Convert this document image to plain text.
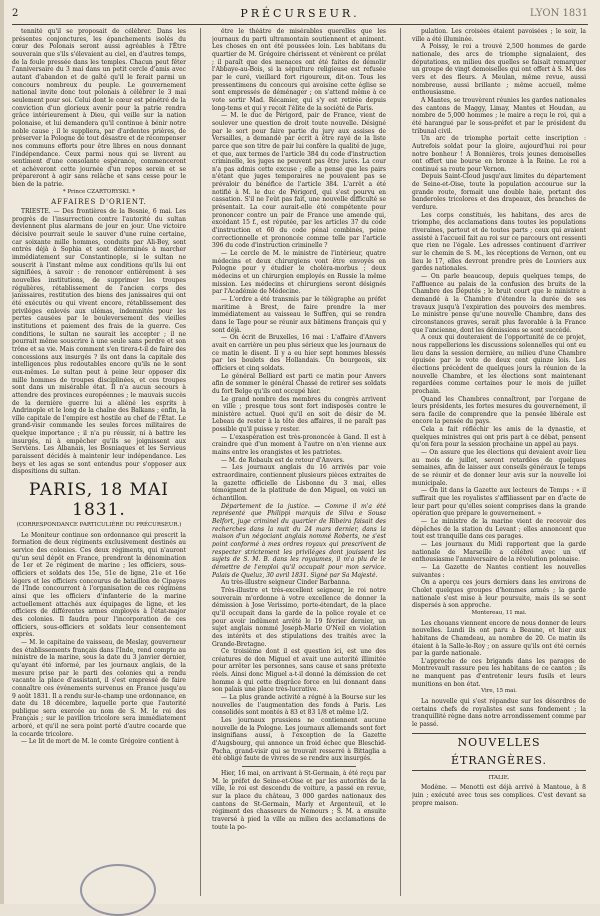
2	PRÉCURSEUR.	LYON 1831

tennité qu'il se proposait de célébrer. Dans les présentes conjonctures, les épanchements isolés du cœur des Polonais seront aussi agréables à l'Être souverain que s'ils s'élevaient au ciel, en d'autres temps, de la foule pressée dans les temples. Chacun peut fêter l'anniversaire du 3 mai dans un petit cercle d'amis avec autant d'abandon et de gaîté qu'il le ferait parmi un concours nombreux du peuple. Le gouvernement national invite donc tout polonais à célébrer le 3 mai seulement pour soi. Celui dont le cœur est pénétré de la conviction d'un glorieux avenir pour la patrie rendra grâce intérieurement à Dieu, qui veille sur la nation polonaise, et lui demandera qu'il continue à bénir notre noble cause ; il le suppliera, par d'ardentes prières, de préserver la Pologne de tout désastre et de récompenser nos communs efforts pour être libres en nous donnant l'indépendance. Ceux parmi nous qui se livrent au sentiment d'une consolante espérance, commenceront et achèveront cette journée d'un repos serein et se prépareront à agir sans relâche et sans cesse pour le bien de la patrie.

* Prince CZARTORYSKI. *
AFFAIRES D'ORIENT.

TRIESTE. — Des frontières de la Bosnie, 6 mai. Les progrès de l'insurrection contre l'autorité du sultan deviennent plus alarmans de jour en jour. Une victoire décisive pourrait seule le sauver d'une ruine certaine, car soixante mille hommes, conduits par Ali-Bey, sont entrés déjà à Sophia et sont déterminés à marcher immédiatement sur Constantinople, si le sultan ne souscrit à l'instant même aux conditions qu'ils lui ont signifiées, à savoir : de renoncer entièrement à ses nouvelles institutions, de supprimer les troupes régulières, rétablissement de l'ancien corps des janissaires, restitution des biens des janissaires qui ont été exécutés ou qui vivent encore, rétablissement des priviléges enlevés aux ulémas, indemnités pour les pertes causées par le bouleversement des vieilles institutions et paiement des frais de la guerre. Ces conditions, le sultan ne saurait les accepter ; il ne pourrait même souscrire à une seule sans perdre et son trône et sa vie. Mais comment s'en tirera-t-il de faire des concessions aux insurgés ? ils ont dans la capitale des intelligences plus redoutables encore qu'ils ne le sont eux-mêmes. Le sultan peut à peine leur opposer dix mille hommes de troupes disciplinées, et ces troupes sont dans un misérable état. Il n'a aucun secours à attendre des provinces européennes ; le mauvais succès de la dernière guerre lui a aliéné les esprits à Andrinople et le long de la chaîne des Balkans ; enfin, la ville capitale de l'empire est hostile au chef de l'État. Le grand-visir commande les seules forces militaires de quelque importance ; il n'a pu réussir, ni à battre les insurgés, ni à empêcher qu'ils se joignissent aux Serviens. Les Albanais, les Bosniaques et les Servieus paraissent décidés à maintenir leur indépendance. Les beys et les agas se sont entendus pour s'opposer aux dispositions du sultan.

PARIS, 18 MAI 1831.
(CORRESPONDANCE PARTICULIÈRE DU PRÉCURSEUR.)

Le Moniteur continue son ordonnance qui prescrit la formation de deux régiments exclusivement destinés au service des colonies. Ces deux régiments, qui n'auront qu'un seul dépôt en France, prendront la dénomination de 1er et 2e régiment de marine ; les officiers, sous-officiers et soldats des 15e, 51e de ligne, 21e et 16e légers et les officiers concourus de bataillon de Cipayes de l'Inde concourront à l'organisation de ces régimens ainsi que les officiers d'infanterie de la marine actuellement attachés aux équipages de ligne, et les officiers de différentes armes employés à l'état-major des colonies. Il faudra pour l'incorporation de ces officiers, sous-officiers et soldats leur consentement exprès.

— M. le capitaine de vaisseau, de Meslay, gouverneur des établissements français dans l'Inde, rend compte au ministre de la marine, sous la date du 3 janvier dernier, qu'ayant été informé, par les journaux anglais, de la mesure prise par le parti des colonies qui a rendu vacante la place d'assistant, il s'est empressé de faire connaître ces événements survenus en France jusqu'au 9 août 1831. Il a rendu sur-le-champ une ordonnance, en date du 18 décembre, laquelle porte que l'autorité publique sera exercée au nom de S. M. le roi des Français ; sur le pavillon tricolore sera immédiatement arboré, et qu'il ne sera point porté d'autre cocarde que la cocarde tricolore.

— Le lit de mort de M. le comte Grégoire contient à

être le théâtre de misérables querelles que les journaux du parti ultramontain soutiennent et animent. Les choses en ont été poussées loin. Les habitans du quartier de M. Grégoire chérissent et vénèrent ce prélat ; il paraît que des menaces ont été faites de démolir l'Abbaye-au-Bois, si la sépulture religieuse est refusée par le curé, vieillard fort rigoureux, dit-on. Tous les pressentimens du concours qui avoisine cette église se sont empressés de déménager ; on s'attend même à ce vote sortir Mad. Récamier, qui s'y est retirée depuis long-tems et qui y reçoit l'élite de la société de Paris.

— M. le duc de Périgord, pair de France, vient de soulever une question de droit toute nouvelle. Désigné par le sort pour faire partie du jury aux assises de Versailles, a demandé par écrit à être rayé de la liste parce que son titre de pair lui confère la qualité de juge, et que, aux termes de l'article 384 du code d'instruction criminelle, les juges ne peuvent pas être jurés. La cour n'a pas admis cette excuse ; elle a pensé que les pairs n'étant que juges temporaires ne pouvaient pas se prévaloir du bénéfice de l'article 384. L'arrêt a été notifié à M. le duc de Périgord, qui s'est pourvu en cassation. S'il ne l'eût pas fait, une nouvelle difficulté se présentait. La cour aurait-elle été compétente pour prononcer contre un pair de France une amende qui, excédant 15 f., est réputée, par les articles 37 du code d'instruction et 60 du code pénal combinés, peine correctionnelle et prononcée comme telle par l'article 396 du code d'instruction criminelle ?

— Le cercle de M. le ministre de l'intérieur, quatre médecins et deux chirurgiens vont être envoyés en Pologne pour y étudier le choléra-morbus ; deux médecins et un chirurgien employés en Russie la même mission. Les médecins et chirurgiens seront désignés par l'Académie de Médecine.

— L'ordre a été transmis par le télégraphe au préfet maritime à Brest, de faire prendre la mer immédiatement au vaisseau le Suffren, qui se rendra dans le Tage pour se réunir aux bâtimens français qui y sont déjà.

— On écrit de Bruxelles, 16 mai : L'affaire d'Anvers avait en carrière un peu plus sérieux que les journaux de ce matin le disent. Il y a eu hier sept hommes blessés par les boulets des Hollandais. Un bourgeois, six officiers et cinq soldats.

Le général Belliard est parti ce matin pour Anvers afin de sommer le général Chassé de retirer ses soldats du fort Belge qu'ils ont occupé hier.

Le grand nombre des membres du congrès arrivent en ville ; presque tous sont fort indisposés contre le ministère actuel. Quoi qu'il en soit de désir de M. Lebeau de rester à la tête des affaires, il ne paraît pas possible qu'il puisse y rester.

— L'exaspération est très-prononcée à Gand. Il est à craindre que d'un moment à l'autre on n'en vienne aux mains entre les orangistes et les patriotes.

— M. de Robaulx est de retour d'Anvers.

— Les journaux anglais du 16 arrivés par voie extraordinaire, contiennent plusieurs pièces extraites de la gazette officielle de Lisbonne du 3 mai, elles témoignent de la platitude de don Miguel, on voici un échantillon.

Département de la justice. — Comme il m'a été représenté que Philippi marquis de Silva e Sousa Belfort, juge criminel du quartier de Ribeira faisait des recherches dans la nuit du 24 mars dernier, dans la maison d'un négociant anglais nommé Roberts, ne s'est point conformé à mes ordres royaux qui prescrivent de respecter strictement les priviléges dont jouissent les sujets de S. M. B. dans les royaumes, il m'a plu de le démettre de l'emploi qu'il occupait pour mon service. Palais de Queluz, 30 avril 1831. Signé par Sa Majesté.

Au très-illustre seigneur Cinder Barbanna.

Très-illustre et très-excellent seigneur, le roi notre souverain m'ordonne à votre excellence de donner la démission à Jose Verissimo, porte-étendart, de la place qu'il occupait dans la garde de la police royale et ce pour avoir indûment arrêté le 19 février dernier, un sujet anglais nommé Joseph-Marie O'Neil en violation des intérêts et des stipulations des traités avec la Grande-Bretagne.

Ce troisième dont il est question ici, est une des créatures de don Miguel et avait une autorité illimitée pour arrêter les personnes, sans cause et sans prétexte réels. Ainsi donc Miguel a-t-il donné la démission de cet homme à qui cette disgrâce force en lui donnant dans son palais une place très-lucrative.

— La plus grande activité a régné à la Bourse sur les nouvelles de l'augmentation des fonds à Paris. Les consolidés sont montés à 83 et 83 1/8 et même 1/2.

Les journaux prussiens ne contiennent aucune nouvelle de la Pologne. Les journaux allemands sont fort insignifians aussi, à l'exception de la Gazette d'Augsbourg, qui annonce un froid échec que Bleschid-Pacha, grand-visir qui se trouvait resserré à Bittaglia a été obligé faute de vivres de se rendre aux insurgés.

Hier, 16 mai, on arrivant à St-Germain, à été reçu par M. le préfet de Seine-et-Oise et par les autorités de la ville, le roi est descendu de voiture, a passé en revue, sur la place du château, 3 000 gardes nationaux des cantons de St-Germain, Marly et Argenteuil, et le régiment des chasseurs de Nemours ; S. M. a ensuite traversé à pied la ville au milieu des acclamations de toute la po-

pulation. Les croisées étaient pavoisées ; le soir, la ville a été illuminée.

A Poissy, le roi a trouvé 2,500 hommes de garde nationale, des arcs de triomphe signalaient, des députations, en milieu des quelles se faisait remarquer un groupe de vingt demoiselles qui ont offert à S. M. des vers et des fleurs. A Meulan, même revue, aussi nombreuse, aussi brillante ; même accueil, même enthousiasme.

A Mantes, se trouvèrent réunies les gardes nationales des cantons de Maggy, Limay, Mantes et Houdan, au nombre de 5,000 hommes ; le maire a reçu le roi, qui a été harangué par le sous-préfet et par le président du tribunal civil.

Un arc de triomphe portait cette inscription : Autrefois soldat pour la gloire, aujourd'hui roi pour notre bonheur ! A Bonnières, trois jeunes demoiselles ont offert une bourse en bronze à la Reine. Le roi a continué sa route pour Vernon.

Depuis Saint-Cloud jusqu'aux limites du département de Seine-et-Oise, toute la population accourue sur la grande route, formait une double haie, portant des banderoles tricolores et des drapeaux, des branches de verdure.

Les corps constitués, les habitans, des arcs de triomphe, des acclamations dans toutes les populations riveraines, partout et de toutes parts ; ceux qui avaient assisté à l'accueil fait au roi sur ce parcours ont ressenti que rien ne l'égale. Les adresses continuent d'arriver sur le chemin de S. M., les réceptions de Vernon, ont eu lieu le 17, elles devront prendre près de Louviers aux gardes nationales.

— On parle beaucoup, depuis quelques temps, de l'affluence au palais de la confusion des bruits de la Chambre des Députés ; le bruit court que le ministre a demandé à la Chambre d'étendre la durée de ses travaux jusqu'à l'expiration des pouvoirs des membres. Le ministre pense qu'une nouvelle Chambre, dans des circonstances graves, serait plus favorable à la France que l'ancienne, dont les démissions se sont succédé.

A ceux qui douteraient de l'opportunité de ce projet, nous rappellerions les discussions solennelles qui ont eu lieu dans la session dernière, au milieu d'une Chambre épuisée par le vote de deux cent quinze lois. Les élections précèdent de quelques jours la réunion de la nouvelle Chambre, et les élections sont maintenant regardées comme certaines pour le mois de juillet prochain.

Quand les Chambres connaîtront, par l'organe de leurs présidents, les fortes mesures du gouvernement, il sera facile de comprendre que la pensée libérale est encore la pensée du pays.

Cela a fait réfléchir les amis de la dynastie, et quelques ministres qui ont pris part à ce débat, pensent qu'on fera pour la session prochaine un appel au pays.

— On assure que les élections qui devaient avoir lieu au mois de juillet, seront retardées de quelques semaines, afin de laisser aux conseils généraux le temps de se réunir et de donner leur avis sur la nouvelle loi municipale.

— On lit dans la Gazette aux lecteurs de Temps : « il suffirait que les royalistes s'affiliassent par en d'acte de leur part pour qu'elles soient comprises dans la grande opération que prépare le gouvernement. »

— Le ministre de la marine vient de recevoir des dépêches de la station du Levant ; elles annoncent que tout est tranquille dans ces parages.

— Les journaux du Midi rapportent que la garde nationale de Marseille a célébré avec un vif enthousiasme l'anniversaire de la révolution polonaise.

— La Gazette de Nantes contient les nouvelles suivantes :

On a aperçu ces jours derniers dans les environs de Cholet quelques groupes d'hommes armés ; la garde nationale s'est mise à leur poursuite, mais ils se sont dispersés à son approche.

Montereau, 11 mai.

Les chouans viennent encore de nous donner de leurs nouvelles. Lundi ils ont paru à Beaune, et hier aux habitans de Chamdeau, au nombre de 20. Ce matin ils étaient à la Salle-le-Roy ; on assure qu'ils ont été cernés par la garde nationale.

L'approche de ces brigands dans les parages de Montrevault rassure peu les habitans de ce canton ; ils ne manquent pas d'entretenir leurs fusils et leurs munitions en bon état.

Vire, 15 mai.

La nouvelle qui s'est répandue sur les désordres de certains chefs de royalistes est sans fondement ; la tranquillité règne dans notre arrondissement comme par le passé.

NOUVELLES ÉTRANGÈRES.
ITALIE.

Modène. — Menotti est déjà arrivé à Mantoue, à 8 juin ; exécuté avec tous ses complices. C'est devant sa propre maison.
